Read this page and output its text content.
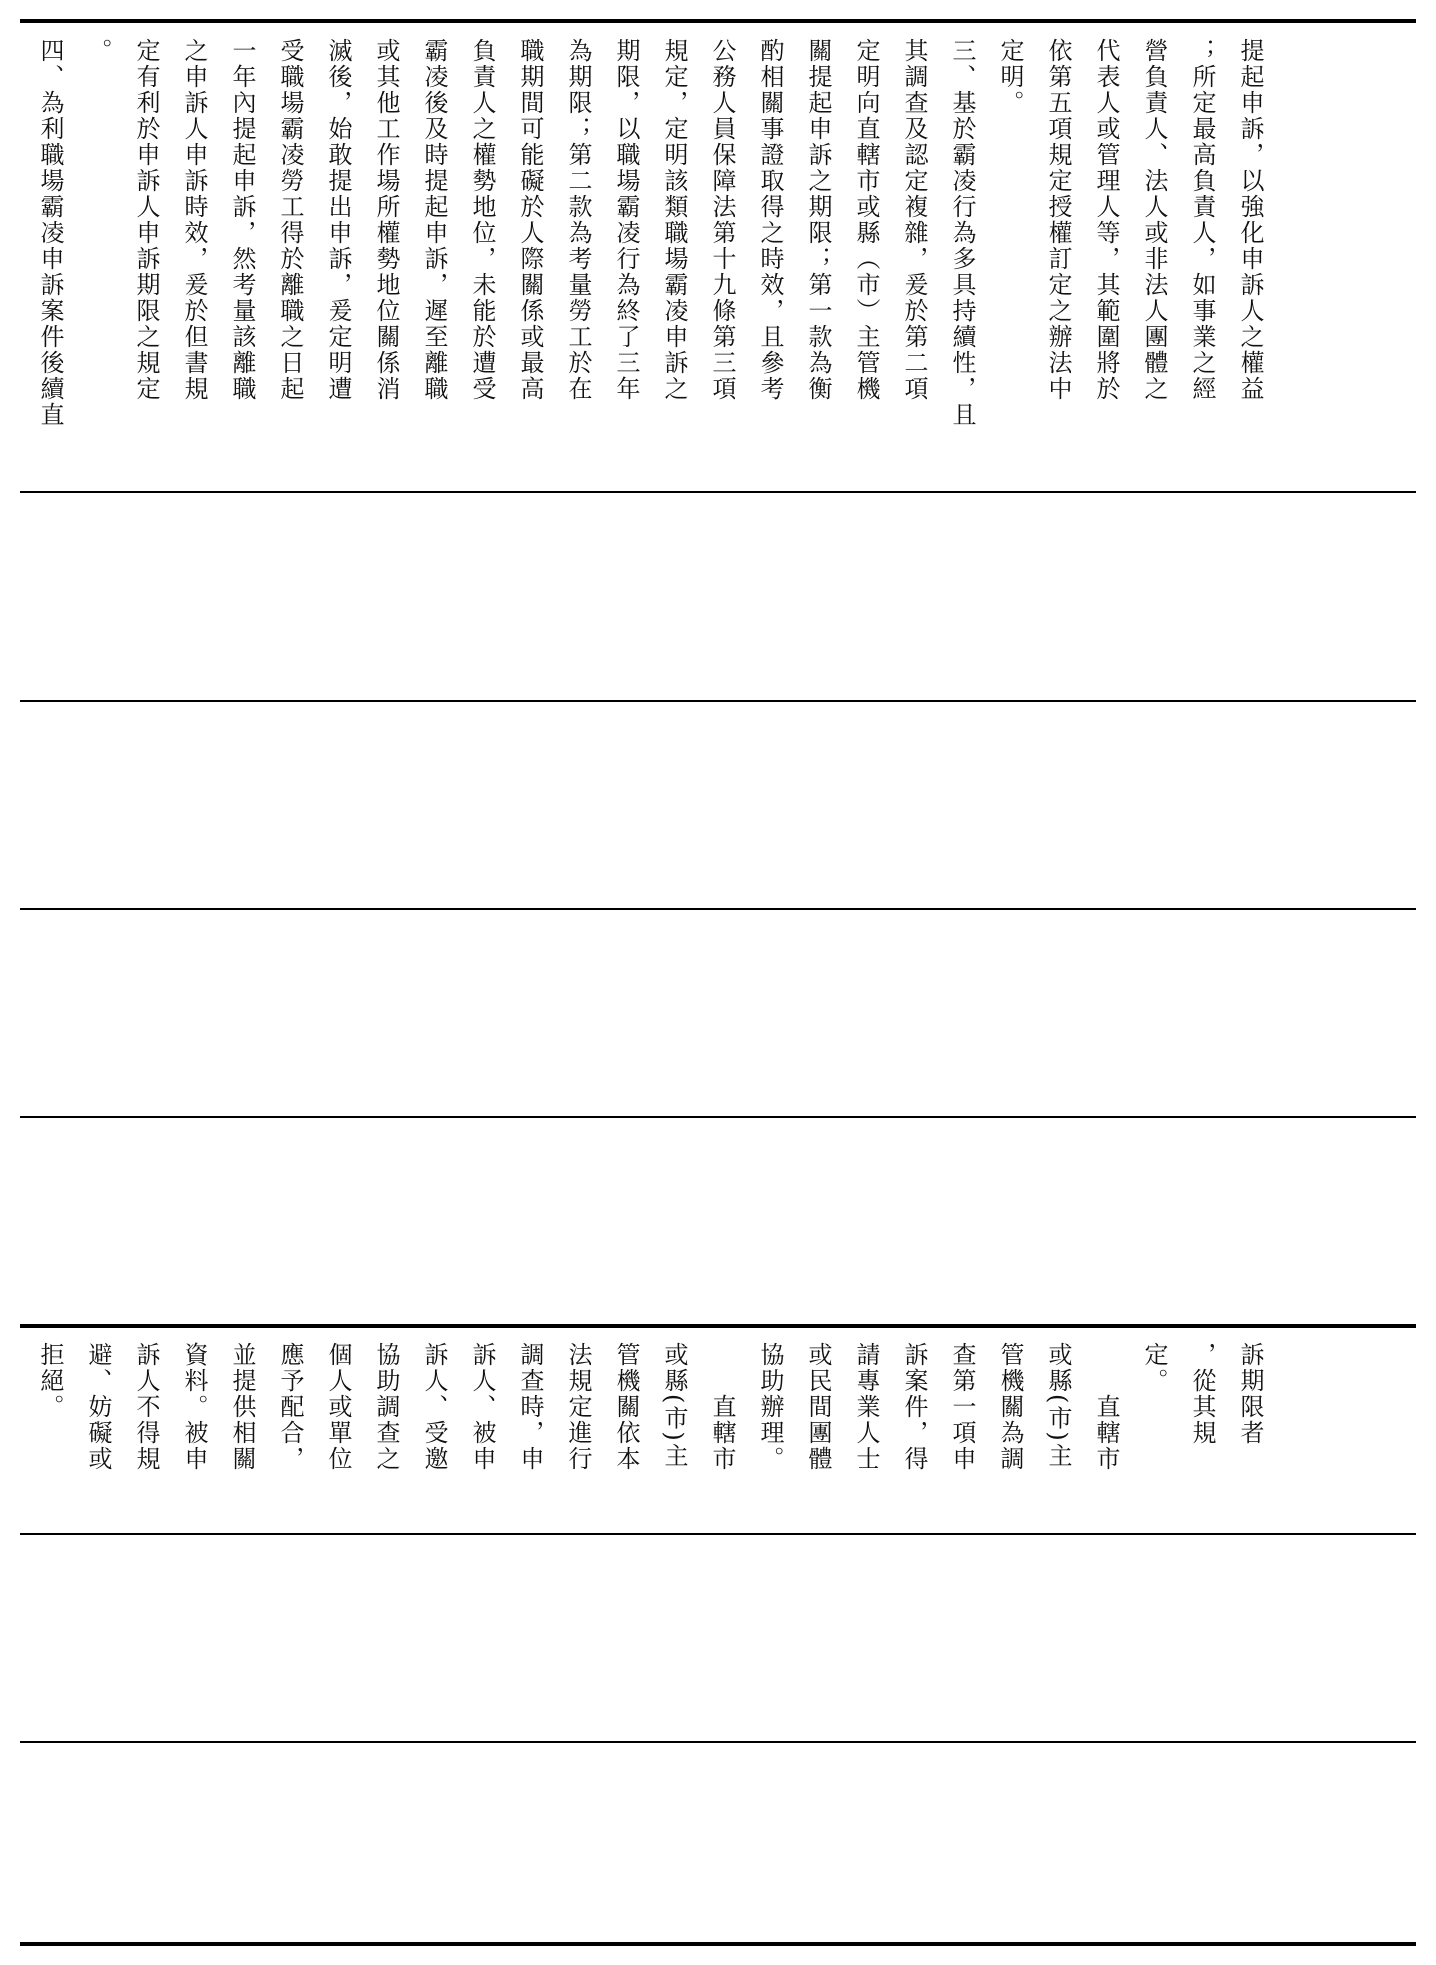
提起申訴，以強化申訴人之權益
；所定最高負責人，如事業之經
營負責人、法人或非法人團體之
代表人或管理人等，其範圍將於
依第五項規定授權訂定之辦法中
定明。
三、基於霸凌行為多具持續性，且
其調查及認定複雜，爰於第二項
定明向直轄市或縣（市）主管機
關提起申訴之期限；第一款為衡
酌相關事證取得之時效，且參考
公務人員保障法第十九條第三項
規定，定明該類職場霸凌申訴之
期限，以職場霸凌行為終了三年
為期限；第二款為考量勞工於在
職期間可能礙於人際關係或最高
負責人之權勢地位，未能於遭受
霸凌後及時提起申訴，遲至離職
或其他工作場所權勢地位關係消
滅後，始敢提出申訴，爰定明遭
受職場霸凌勞工得於離職之日起
一年內提起申訴，然考量該離職
之申訴人申訴時效，爰於但書規
定有利於申訴人申訴期限之規定
。
四、為利職場霸凌申訴案件後續直
訴期限者
，從其規
定。
　　直轄市
或縣(市)主
管機關為調
查第一項申
訴案件，得
請專業人士
或民間團體
協助辦理。
　　直轄市
或縣(市)主
管機關依本
法規定進行
調查時，申
訴人、被申
訴人、受邀
協助調查之
個人或單位
應予配合，
並提供相關
資料。被申
訴人不得規
避、妨礙或
拒絕。
